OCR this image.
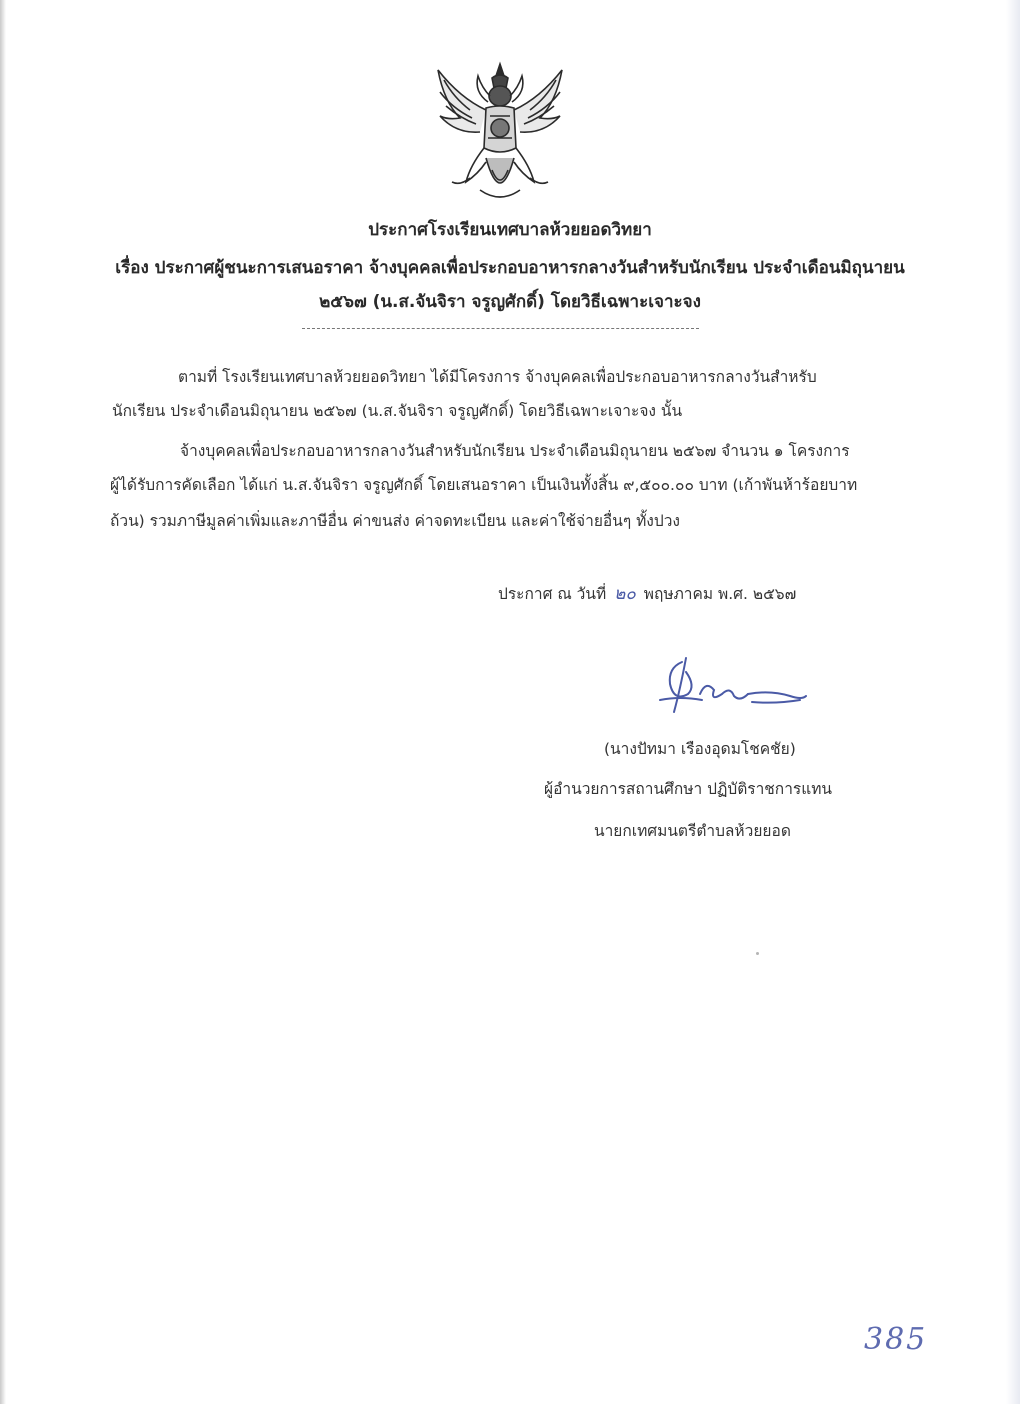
ประกาศโรงเรียนเทศบาลห้วยยอดวิทยา
เรื่อง ประกาศผู้ชนะการเสนอราคา จ้างบุคคลเพื่อประกอบอาหารกลางวันสำหรับนักเรียน ประจำเดือนมิถุนายน
๒๕๖๗ (น.ส.จันจิรา จรูญศักดิ์) โดยวิธีเฉพาะเจาะจง
ตามที่ โรงเรียนเทศบาลห้วยยอดวิทยา ได้มีโครงการ จ้างบุคคลเพื่อประกอบอาหารกลางวันสำหรับ
นักเรียน ประจำเดือนมิถุนายน ๒๕๖๗ (น.ส.จันจิรา จรูญศักดิ์) โดยวิธีเฉพาะเจาะจง นั้น
จ้างบุคคลเพื่อประกอบอาหารกลางวันสำหรับนักเรียน ประจำเดือนมิถุนายน ๒๕๖๗ จำนวน ๑ โครงการ
ผู้ได้รับการคัดเลือก ได้แก่ น.ส.จันจิรา จรูญศักดิ์ โดยเสนอราคา เป็นเงินทั้งสิ้น ๙,๕๐๐.๐๐ บาท (เก้าพันห้าร้อยบาท
ถ้วน) รวมภาษีมูลค่าเพิ่มและภาษีอื่น ค่าขนส่ง ค่าจดทะเบียน และค่าใช้จ่ายอื่นๆ ทั้งปวง
ประกาศ ณ วันที่ ๒๐ พฤษภาคม พ.ศ. ๒๕๖๗
(นางปัทมา เรืองอุดมโชคชัย)
ผู้อำนวยการสถานศึกษา ปฏิบัติราชการแทน
นายกเทศมนตรีตำบลห้วยยอด
385
